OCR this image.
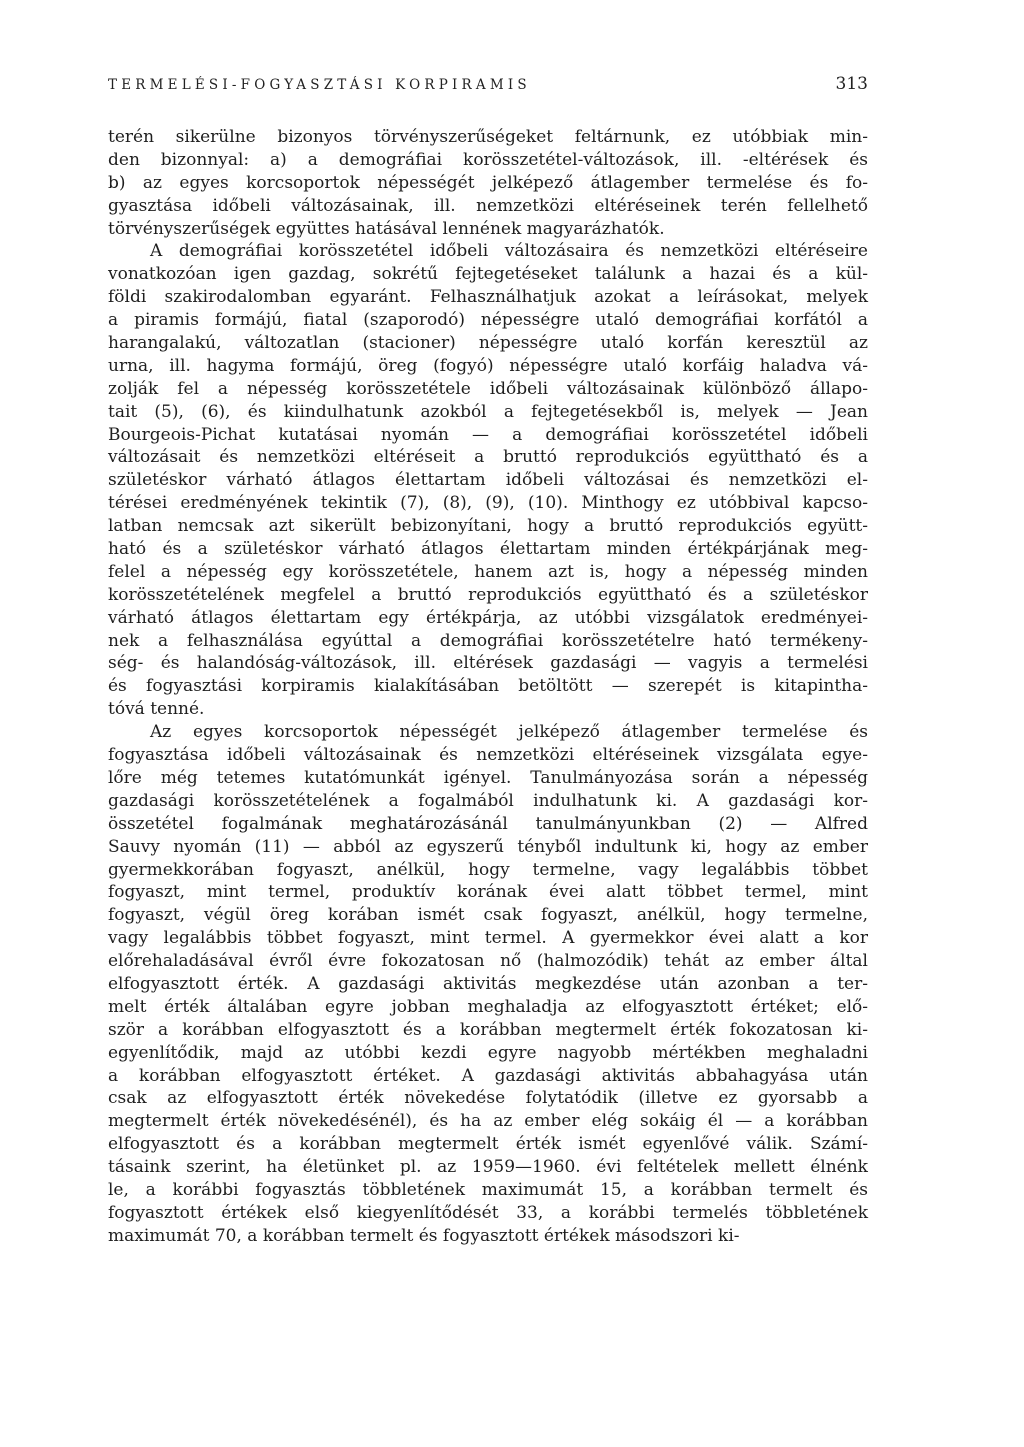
TERMELÉSI-FOGYASZTÁSI KORPIRAMIS	313
terén sikerülne bizonyos törvényszerűségeket feltárnunk, ez utóbbiak min-
den bizonnyal: a) a demográfiai korösszetétel-változások, ill. -eltérések és
b) az egyes korcsoportok népességét jelképező átlagember termelése és fo-
gyasztása időbeli változásainak, ill. nemzetközi eltéréseinek terén fellelhető
törvényszerűségek együttes hatásával lennének magyarázhatók.
A demográfiai korösszetétel időbeli változásaira és nemzetközi eltéréseire
vonatkozóan igen gazdag, sokrétű fejtegetéseket találunk a hazai és a kül-
földi szakirodalomban egyaránt. Felhasználhatjuk azokat a leírásokat, melyek
a piramis formájú, fiatal (szaporodó) népességre utaló demográfiai korfától a
harangalakú, változatlan (stacioner) népességre utaló korfán keresztül az
urna, ill. hagyma formájú, öreg (fogyó) népességre utaló korfáig haladva vá-
zolják fel a népesség korösszetétele időbeli változásainak különböző állapo-
tait (5), (6), és kiindulhatunk azokból a fejtegetésekből is, melyek — Jean
Bourgeois-Pichat kutatásai nyomán — a demográfiai korösszetétel időbeli
változásait és nemzetközi eltéréseit a bruttó reprodukciós együttható és a
születéskor várható átlagos élettartam időbeli változásai és nemzetközi el-
térései eredményének tekintik (7), (8), (9), (10). Minthogy ez utóbbival kapcso-
latban nemcsak azt sikerült bebizonyítani, hogy a bruttó reprodukciós együtt-
ható és a születéskor várható átlagos élettartam minden értékpárjának meg-
felel a népesség egy korösszetétele, hanem azt is, hogy a népesség minden
korösszetételének megfelel a bruttó reprodukciós együttható és a születéskor
várható átlagos élettartam egy értékpárja, az utóbbi vizsgálatok eredményei-
nek a felhasználása egyúttal a demográfiai korösszetételre ható termékeny-
ség- és halandóság-változások, ill. eltérések gazdasági — vagyis a termelési
és fogyasztási korpiramis kialakításában betöltött — szerepét is kitapintha-
tóvá tenné.
Az egyes korcsoportok népességét jelképező átlagember termelése és
fogyasztása időbeli változásainak és nemzetközi eltéréseinek vizsgálata egye-
lőre még tetemes kutatómunkát igényel. Tanulmányozása során a népesség
gazdasági korösszetételének a fogalmából indulhatunk ki. A gazdasági kor-
összetétel fogalmának meghatározásánál tanulmányunkban (2) — Alfred
Sauvy nyomán (11) — abból az egyszerű tényből indultunk ki, hogy az ember
gyermekkorában fogyaszt, anélkül, hogy termelne, vagy legalábbis többet
fogyaszt, mint termel, produktív korának évei alatt többet termel, mint
fogyaszt, végül öreg korában ismét csak fogyaszt, anélkül, hogy termelne,
vagy legalábbis többet fogyaszt, mint termel. A gyermekkor évei alatt a kor
előrehaladásával évről évre fokozatosan nő (halmozódik) tehát az ember által
elfogyasztott érték. A gazdasági aktivitás megkezdése után azonban a ter-
melt érték általában egyre jobban meghaladja az elfogyasztott értéket; elő-
ször a korábban elfogyasztott és a korábban megtermelt érték fokozatosan ki-
egyenlítődik, majd az utóbbi kezdi egyre nagyobb mértékben meghaladni
a korábban elfogyasztott értéket. A gazdasági aktivitás abbahagyása után
csak az elfogyasztott érték növekedése folytatódik (illetve ez gyorsabb a
megtermelt érték növekedésénél), és ha az ember elég sokáig él — a korábban
elfogyasztott és a korábban megtermelt érték ismét egyenlővé válik. Számí-
tásaink szerint, ha életünket pl. az 1959—1960. évi feltételek mellett élnénk
le, a korábbi fogyasztás többletének maximumát 15, a korábban termelt és
fogyasztott értékek első kiegyenlítődését 33, a korábbi termelés többletének
maximumát 70, a korábban termelt és fogyasztott értékek másodszori ki-
